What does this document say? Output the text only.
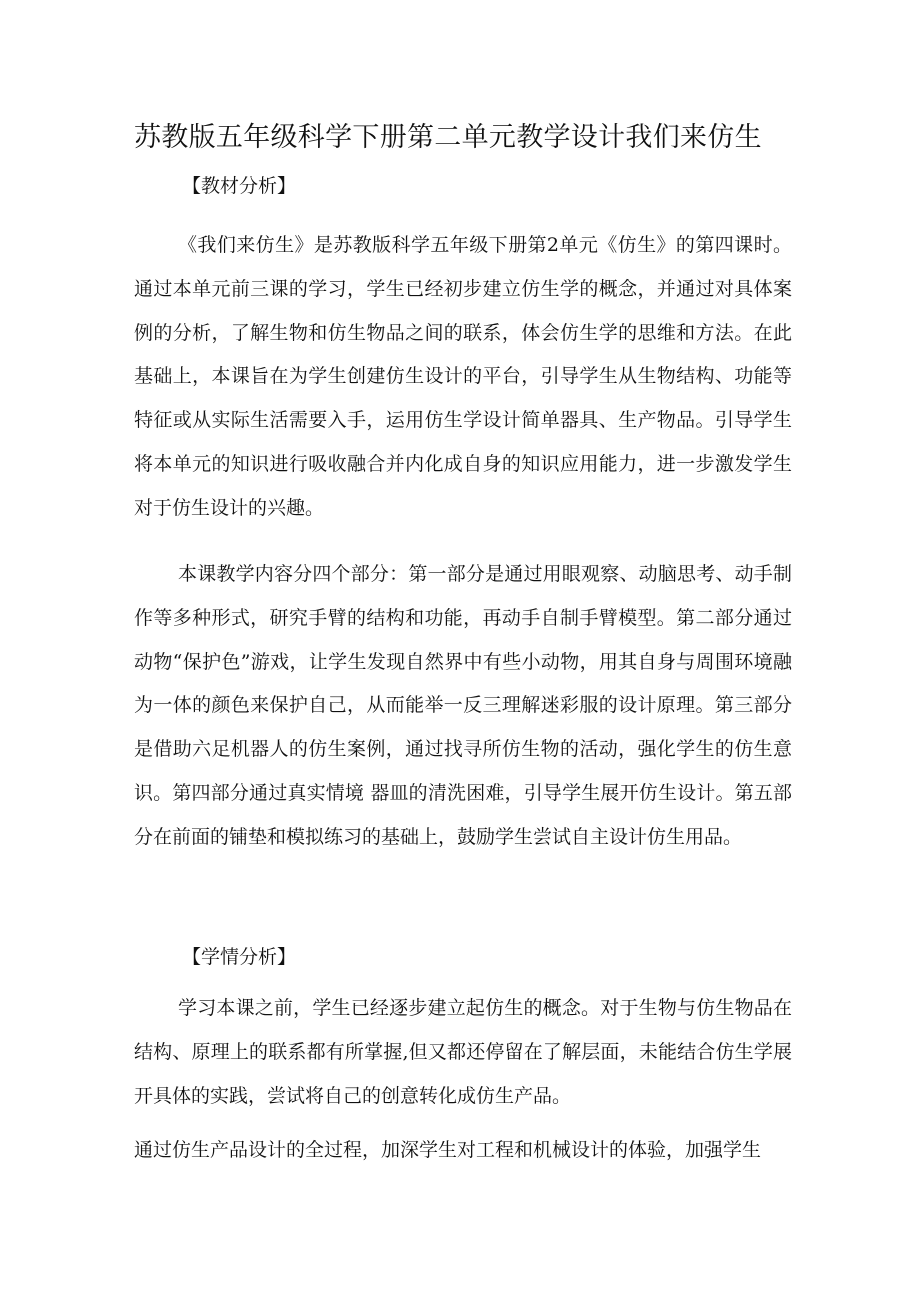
苏教版五年级科学下册第二单元教学设计我们来仿生
【教材分析】

《我们来仿生》是苏教版科学五年级下册第2单元《仿生》的第四课时。通过本单元前三课的学习，学生已经初步建立仿生学的概念，并通过对具体案例的分析，了解生物和仿生物品之间的联系，体会仿生学的思维和方法。在此基础上，本课旨在为学生创建仿生设计的平台，引导学生从生物结构、功能等特征或从实际生活需要入手，运用仿生学设计简单器具、生产物品。引导学生将本单元的知识进行吸收融合并内化成自身的知识应用能力，进一步激发学生对于仿生设计的兴趣。

本课教学内容分四个部分：第一部分是通过用眼观察、动脑思考、动手制作等多种形式，研究手臂的结构和功能，再动手自制手臂模型。第二部分通过动物“保护色”游戏，让学生发现自然界中有些小动物，用其自身与周围环境融为一体的颜色来保护自己，从而能举一反三理解迷彩服的设计原理。第三部分是借助六足机器人的仿生案例，通过找寻所仿生物的活动，强化学生的仿生意识。第四部分通过真实情境 器皿的清洗困难，引导学生展开仿生设计。第五部分在前面的铺垫和模拟练习的基础上，鼓励学生尝试自主设计仿生用品。

【学情分析】

学习本课之前，学生已经逐步建立起仿生的概念。对于生物与仿生物品在结构、原理上的联系都有所掌握,但又都还停留在了解层面，未能结合仿生学展开具体的实践，尝试将自己的创意转化成仿生产品。

通过仿生产品设计的全过程，加深学生对工程和机械设计的体验，加强学生
